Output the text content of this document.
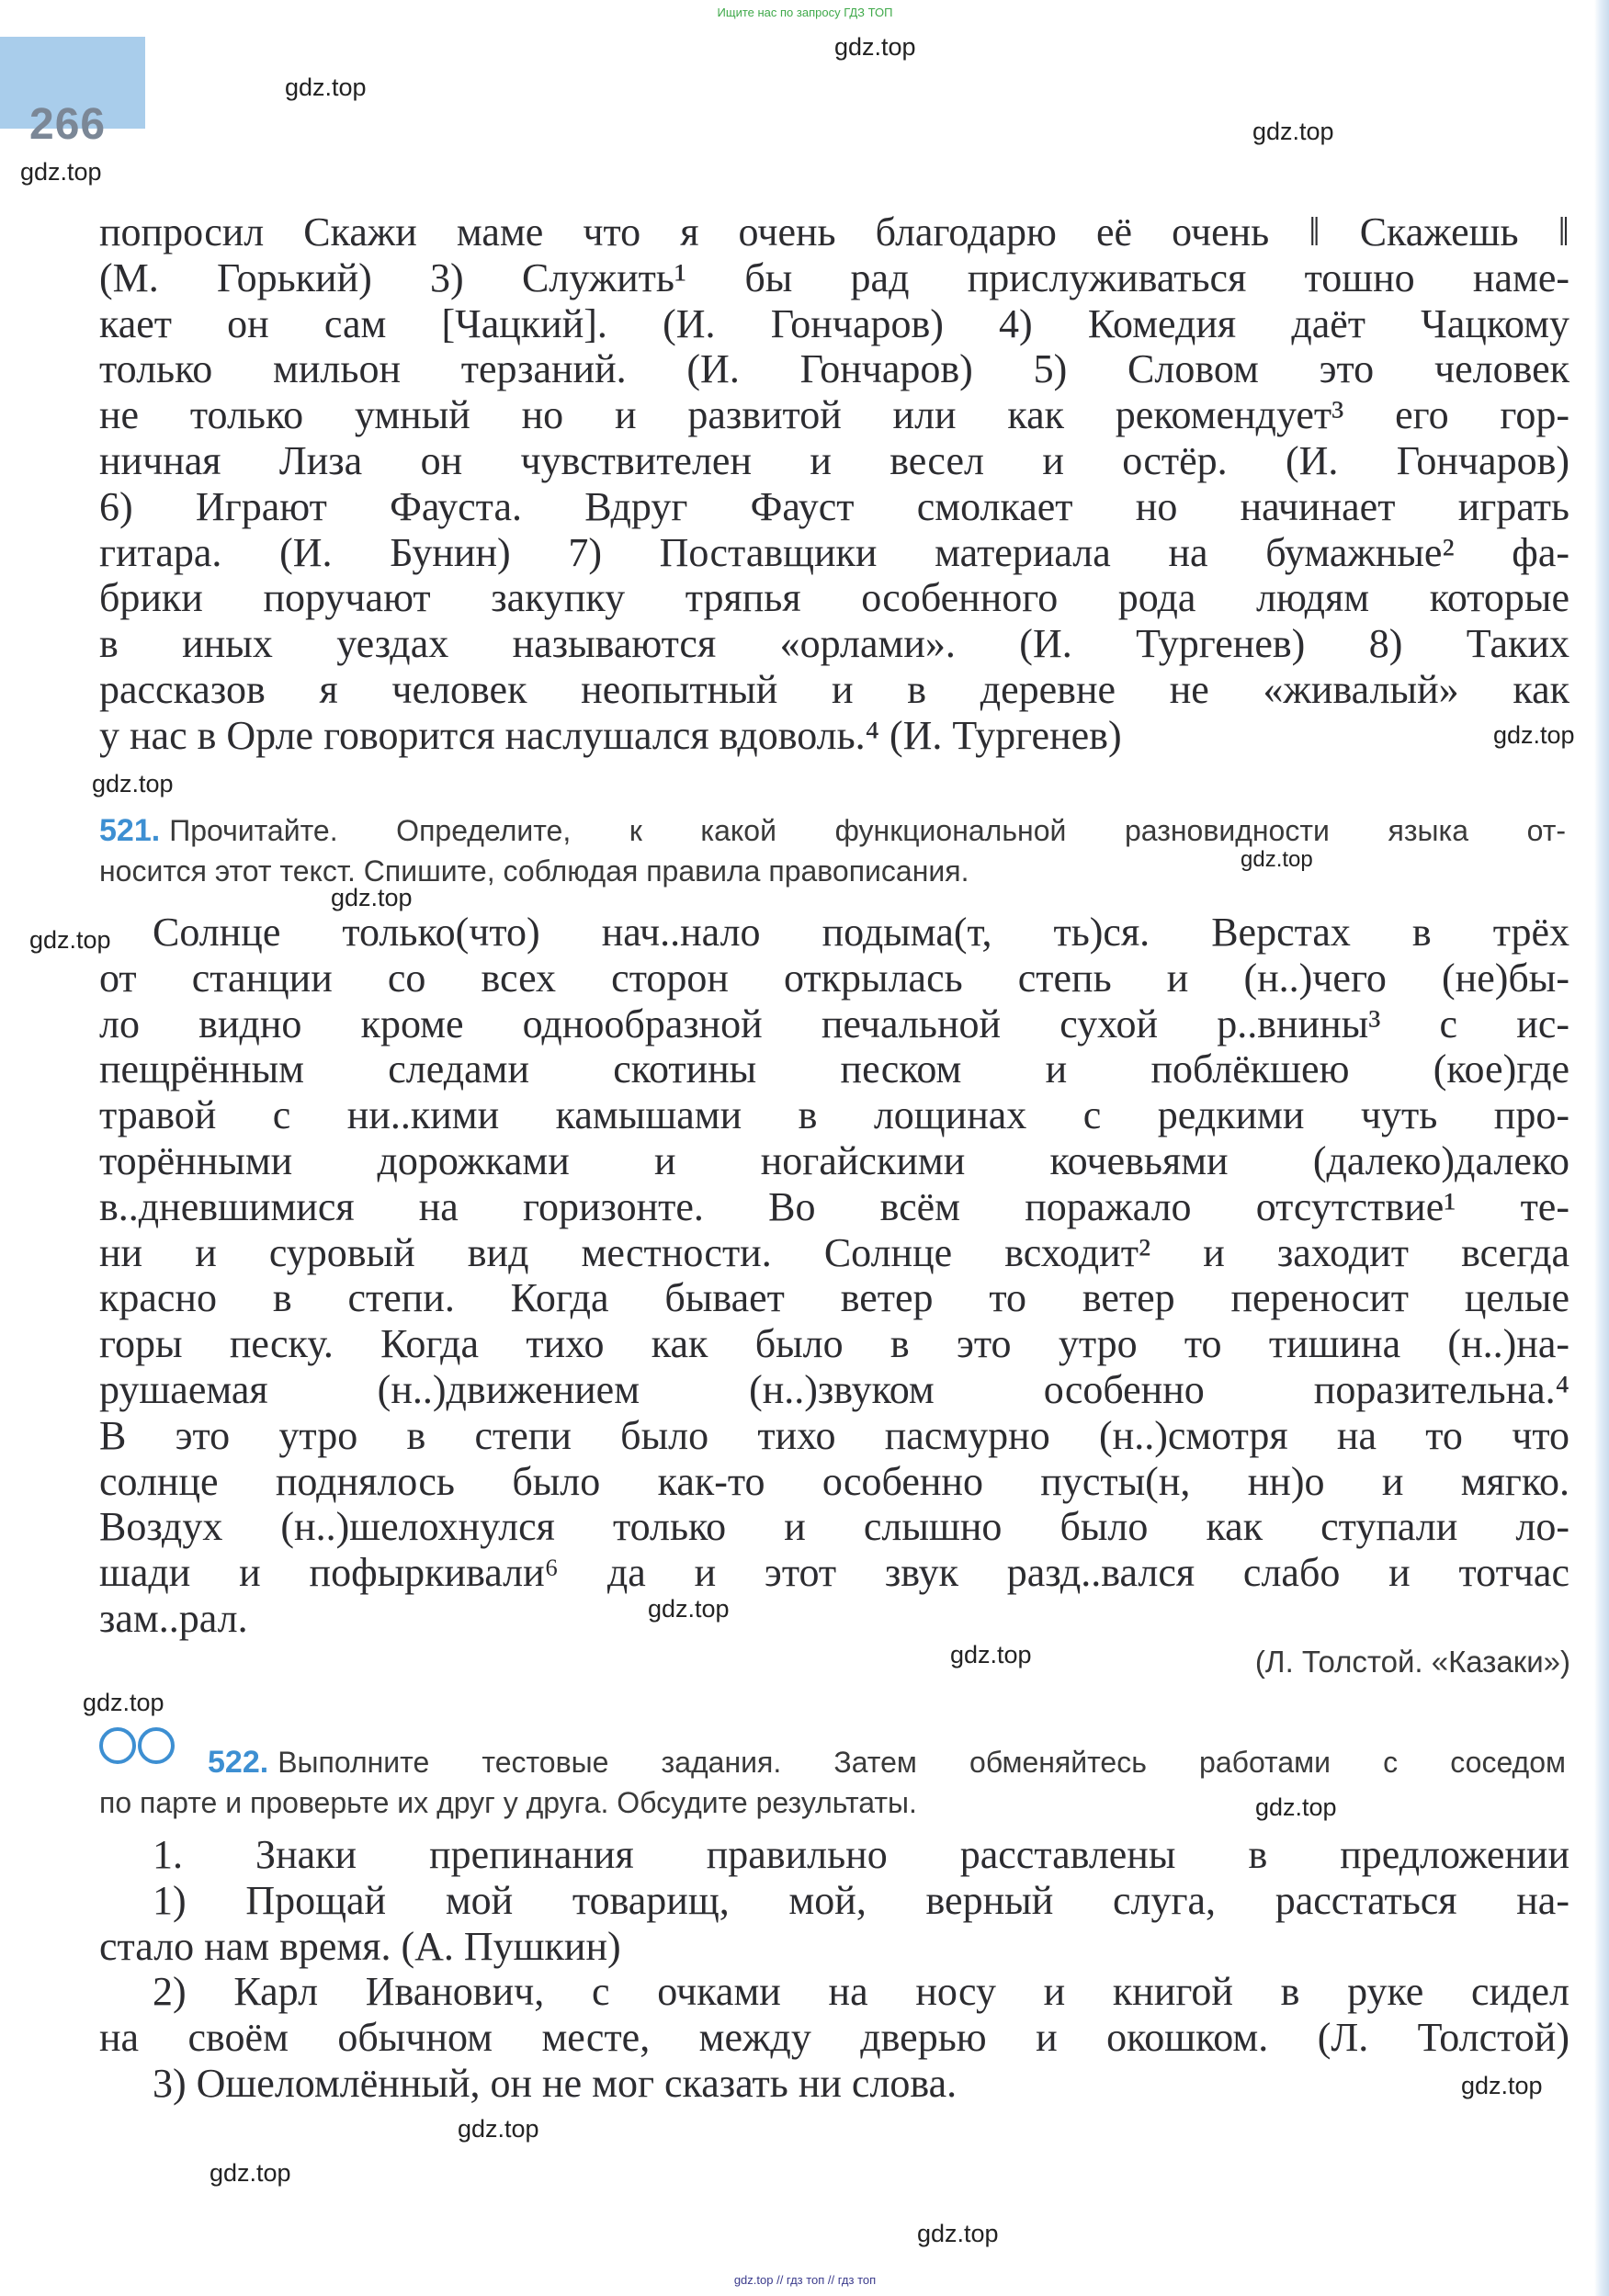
Ищите нас по запросу ГДЗ ТОП
266
gdz.top
gdz.top
gdz.top
gdz.top
gdz.top
gdz.top
gdz.top
gdz.top
gdz.top
gdz.top
gdz.top
gdz.top
gdz.top
gdz.top
gdz.top
gdz.top
gdz.top
попросил Скажи маме что я очень благодарю её очень ‖ Скажешь ‖
(М. Горький) 3) Служить¹ бы рад прислуживаться тошно наме-
кает он сам [Чацкий]. (И. Гончаров) 4) Комедия даёт Чацкому
только мильон терзаний. (И. Гончаров) 5) Словом это человек
не только умный но и развитой или как рекомендует³ его гор-
ничная Лиза он чувствителен и весел и остёр. (И. Гончаров)
6) Играют Фауста. Вдруг Фауст смолкает но начинает играть
гитара. (И. Бунин) 7) Поставщики материала на бумажные² фа-
брики поручают закупку тряпья особенного рода людям которые
в иных уездах называются «орлами». (И. Тургенев) 8) Таких
рассказов я человек неопытный и в деревне не «живалый» как
у нас в Орле говорится наслушался вдоволь.⁴ (И. Тургенев)
521. Прочитайте. Определите, к какой функциональной разновидности языка от-
носится этот текст. Спишите, соблюдая правила правописания.
Солнце только(что) нач..нало подыма(т, ть)ся. Верстах в трёх
от станции со всех сторон открылась степь и (н..)чего (не)бы-
ло видно кроме однообразной печальной сухой р..внины³ с ис-
пещрённым следами скотины песком и поблёкшею (кое)где
травой с ни..кими камышами в лощинах с редкими чуть про-
торёнными дорожками и ногайскими кочевьями (далеко)далеко
в..дневшимися на горизонте. Во всём поражало отсутствие¹ те-
ни и суровый вид местности. Солнце всходит² и заходит всегда
красно в степи. Когда бывает ветер то ветер переносит целые
горы песку. Когда тихо как было в это утро то тишина (н..)на-
рушаемая (н..)движением (н..)звуком особенно поразительна.⁴
В это утро в степи было тихо пасмурно (н..)смотря на то что
солнце поднялось было как-то особенно пусты(н, нн)о и мягко.
Воздух (н..)шелохнулся только и слышно было как ступали ло-
шади и пофыркивали⁶ да и этот звук разд..вался слабо и тотчас
зам..рал.
(Л. Толстой. «Казаки»)
522. Выполните тестовые задания. Затем обменяйтесь работами с соседом
по парте и проверьте их друг у друга. Обсудите результаты.
1. Знаки препинания правильно расставлены в предложении
1) Прощай мой товарищ, мой, верный слуга, расстаться на-
стало нам время. (А. Пушкин)
2) Карл Иванович, с очками на носу и книгой в руке сидел
на своём обычном месте, между дверью и окошком. (Л. Толстой)
3) Ошеломлённый, он не мог сказать ни слова.
gdz.top // гдз топ // гдз топ
